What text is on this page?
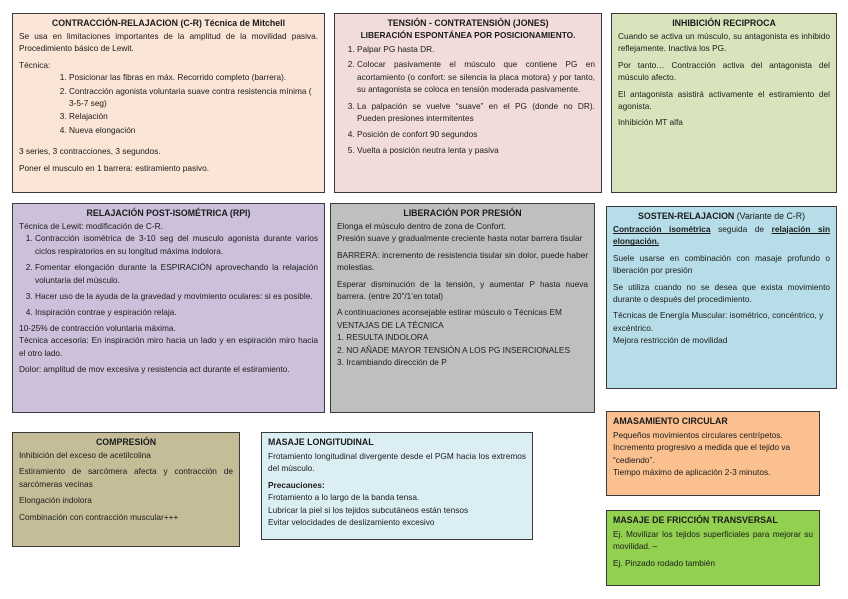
CONTRACCIÓN-RELAJACION (C-R) Técnica de Mitchell
Se usa en limitaciones importantes de la amplitud de la movilidad pasiva. Procedimiento básico de Lewit.
Técnica:
1. Posicionar las fibras en máx. Recorrido completo (barrera).
2. Contracción agonista voluntaria suave contra resistencia mínima ( 3-5-7 seg)
3. Relajación
4. Nueva elongación
3 series, 3 contracciones, 3 segundos.
Poner el musculo en 1 barrera: estiramiento pasivo.
TENSIÓN - CONTRATENSIÓN (JONES)
LIBERACIÓN ESPONTÁNEA POR POSICIONAMIENTO.
1. Palpar PG hasta DR.
2. Colocar pasivamente el músculo que contiene PG en acortamiento (o confort: se silencia la placa motora) y por tanto, su antagonista se coloca en tensión moderada pasivamente.
3. La palpación se vuelve “suave” en el PG (donde no DR). Pueden presiones intermitentes
4. Posición de confort 90 segundos
5. Vuelta a posición neutra lenta y pasiva
INHIBICIÓN RECIPROCA
Cuando se activa un músculo, su antagonista es inhibido reflejamente. Inactiva los PG.
Por tanto… Contracción activa del antagonista del músculo afecto.
El antagonista asistirá activamente el estiramiento del agonista.
Inhibición MT alfa
RELAJACIÓN POST-ISOMÉTRICA (RPI)
Técnica de Lewit: modificación de C-R.
1. Contracción isométrica de 3-10 seg del musculo agonista durante varios ciclos respiratorios en su longitud máxima indolora.
2. Fomentar elongación durante la ESPIRACIÓN aprovechando la relajación voluntaria del músculo.
3. Hacer uso de la ayuda de la gravedad y movimiento oculares: si es posible.
4. Inspiración contrae y espiración relaja.
10-25% de contracción voluntaria máxima.
Técnica accesoria: En inspiración miro hacia un lado y en espiración miro hacia el otro lado.
Dolor: amplitud de mov excesiva y resistencia act durante el estiramiento.
LIBERACIÓN POR PRESIÓN
Elonga el músculo dentro de zona de Confort.
Presión suave y gradualmente creciente hasta notar barrera tisular
BARRERA: incremento de resistencia tisular sin dolor, puede haber molestias.
Esperar disminución de la tensión, y aumentar P hasta nueva barrera. (entre 20”/1’en total)
A continuaciones aconsejable estirar músculo o Técnicas EM
VENTAJAS DE LA TÉCNICA
1. RESULTA INDOLORA
2. NO AÑADE MAYOR TENSIÓN A LOS PG INSERCIONALES
3. Ircambiando dirección de P
SOSTEN-RELAJACION (Variante de C-R)
Contracción isométrica seguida de relajación sin elongación.
Suele usarse en combinación con masaje profundo o liberación por presión
Se utiliza cuando no se desea que exista movimiento durante o después del procedimiento.
Técnicas de Energía Muscular: isométrico, concéntrico, y excéntrico.
Mejora restricción de movilidad
AMASAMIENTO CIRCULAR
Pequeños movimientos circulares centrípetos.
Incremento progresivo a medida que el tejido va “cediendo”.
Tiempo máximo de aplicación 2-3 minutos.
COMPRESIÓN
Inhibición del exceso de acetilcolina
Estiramiento de sarcómera afecta y contracción de sarcómeras vecinas
Elongación indolora
Combinación con contracción muscular+++
MASAJE LONGITUDINAL
Frotamiento longitudinal divergente desde el PGM hacia los extremos del músculo.
Precauciones:
Frotamiento a lo largo de la banda tensa.
Lubricar la piel si los tejidos subcutáneos están tensos
Evitar velocidades de deslizamiento excesivo	MASAJE DE FRICCIÓN TRANSVERSAL
Ej. Movilizar los tejidos superficiales para mejorar su movilidad. –
Ej. Pinzado rodado también
